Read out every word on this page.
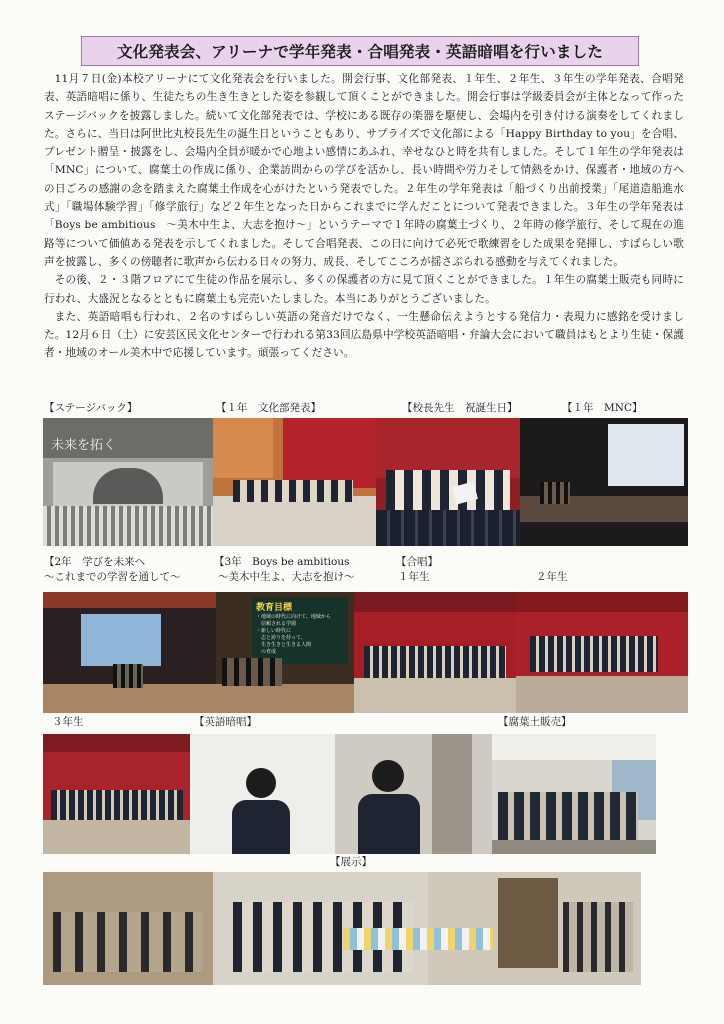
文化発表会、アリーナで学年発表・合唱発表・英語暗唱を行いました

11月７日(金)本校アリーナにて文化発表会を行いました。開会行事、文化部発表、１年生、２年生、３年生の学年発表、合唱発表、英語暗唱に係り、生徒たちの生き生きとした姿を参観して頂くことができました。開会行事は学級委員会が主体となって作ったステージバックを披露しました。続いて文化部発表では、学校にある既存の楽器を駆使し、会場内を引き付ける演奏をしてくれました。さらに、当日は阿世比丸校長先生の誕生日ということもあり、サプライズで文化部による「Happy Birthday to you」を合唱、プレゼント贈呈・披露をし、会場内全員が暖かで心地よい感情にあふれ、幸せなひと時を共有しました。そして１年生の学年発表は「MNC」について、腐葉土の作成に係り、企業訪問からの学びを活かし、長い時間や労力そして情熱をかけ、保護者・地域の方への日ごろの感謝の念を踏まえた腐葉土作成を心がけたという発表でした。２年生の学年発表は「船づくり出前授業」「尾道造船進水式」「職場体験学習」「修学旅行」など２年生となった日からこれまでに学んだことについて発表できました。３年生の学年発表は「Boys be ambitious　～美木中生よ、大志を抱け～」というテーマで１年時の腐葉土づくり、２年時の修学旅行、そして現在の進路等について価値ある発表を示してくれました。そして合唱発表、この日に向けて必死で歌練習をした成果を発揮し、すばらしい歌声を披露し、多くの傍聴者に歌声から伝わる日々の努力、成長、そしてこころが揺さぶられる感動を与えてくれました。

その後、２・３階フロアにて生徒の作品を展示し、多くの保護者の方に見て頂くことができました。１年生の腐葉土販売も同時に行われ、大盛況となるとともに腐葉土も完売いたしました。本当にありがとうございました。

また、英語暗唱も行われ、２名のすばらしい英語の発音だけでなく、一生懸命伝えようとする発信力・表現力に感銘を受けました。12月６日（土）に安芸区民文化センターで行われる第33回広島県中学校英語暗唱・弁論大会において職員はもとより生徒・保護者・地域のオール美木中で応援しています。頑張ってください。

【ステージバック】	【１年　文化部発表】	【校長先生　祝誕生日】	【１年　MNC】
未来を拓く
【2年　学びを未来へ
～これまでの学習を通して～
【3年　Boys be ambitious
～美木中生よ、大志を抱け～
【合唱】
１年生	２年生
教育目標
・地域の時代に向けて、地域から
　信頼される学園
・新しい時代に
　志と誇りを持って、
　生き生きと生きる人間
　の育成
３年生	【英語暗唱】	【腐葉土販売】
【展示】
